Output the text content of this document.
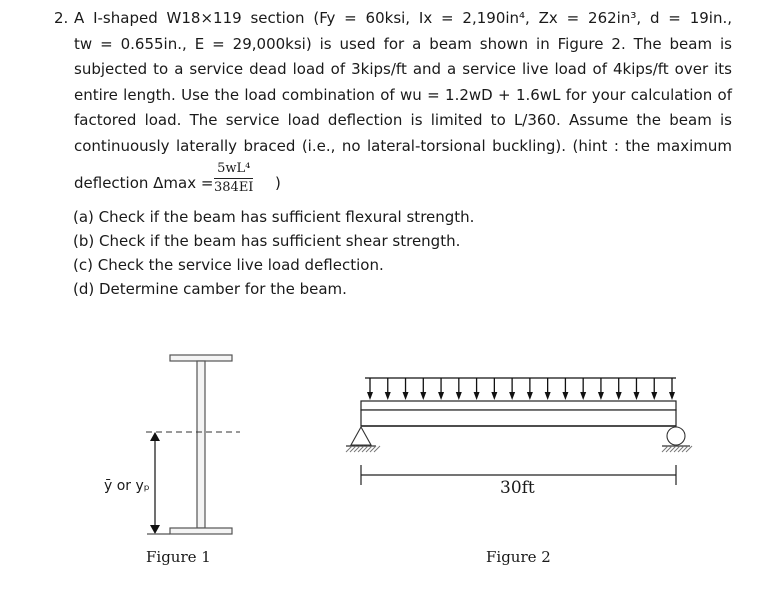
2. A I-shaped W18×119 section (Fy = 60ksi, Ix = 2,190in⁴, Zx = 262in³, d = 19in.,
tw = 0.655in., E = 29,000ksi) is used for a beam shown in Figure 2. The beam is
subjected to a service dead load of 3kips/ft and a service live load of 4kips/ft over its
entire length. Use the load combination of wu = 1.2wD + 1.6wL for your calculation of
factored load. The service load deflection is limited to L/360. Assume the beam is
continuously laterally braced (i.e., no lateral-torsional buckling). (hint : the maximum
deflection $\Delta\max = \frac{\text{5wL⁴}}{384EI}$ )
(a) Check if the beam has sufficient flexural strength.
(b) Check if the beam has sufficient shear strength.
(c) Check the service live load deflection.
(d) Determine camber for the beam.
ȳ or yₚ
Figure 1
30ft
Figure 2
